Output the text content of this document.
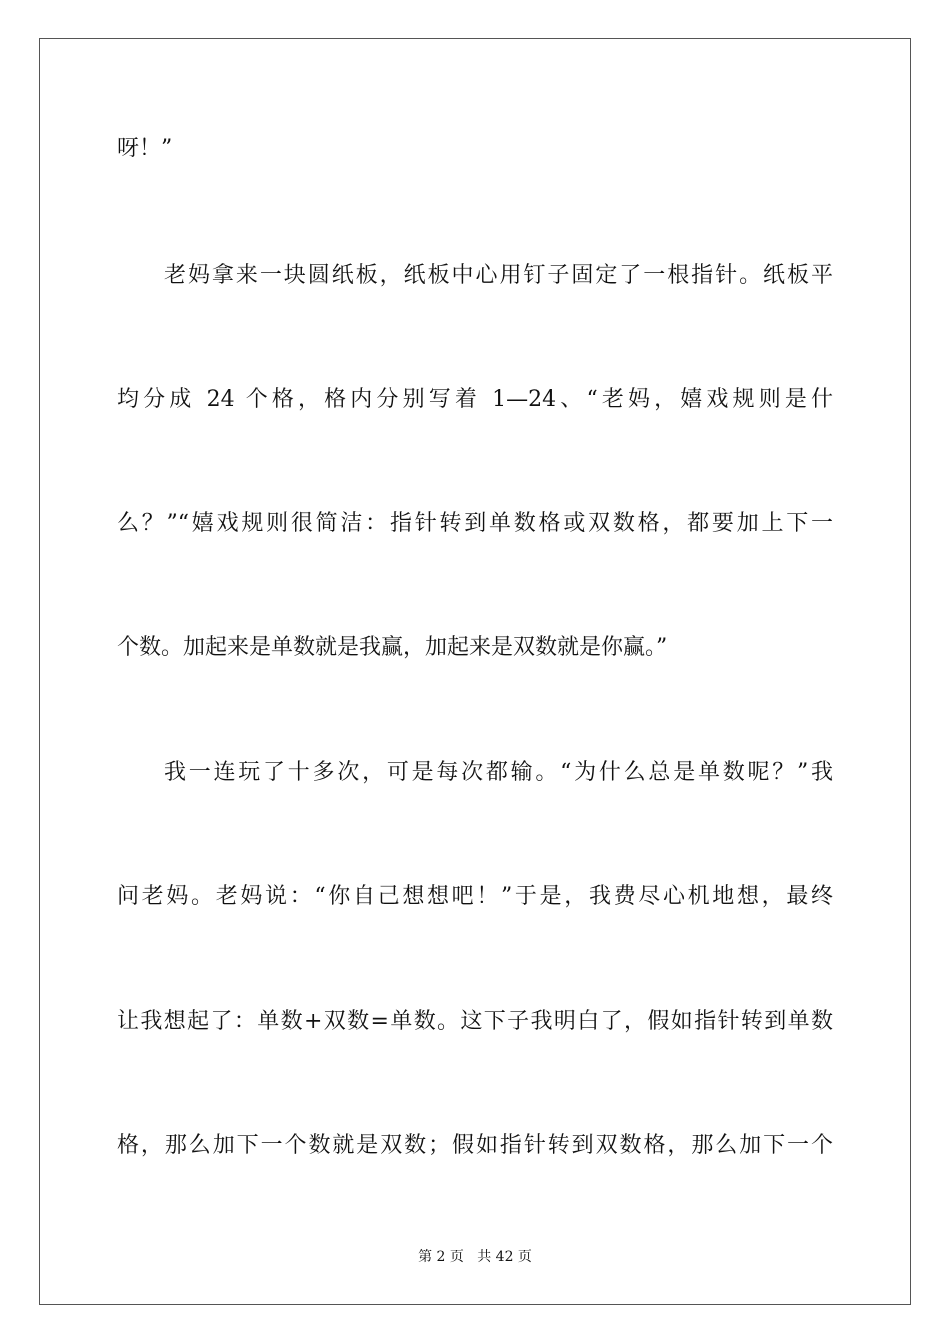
呀！”
老妈拿来一块圆纸板，纸板中心用钉子固定了一根指针。纸板平
均分成 24 个格，格内分别写着 1—24、“老妈，嬉戏规则是什
么？”“嬉戏规则很简洁：指针转到单数格或双数格，都要加上下一
个数。加起来是单数就是我赢，加起来是双数就是你赢。”
我一连玩了十多次，可是每次都输。“为什么总是单数呢？”我
问老妈。老妈说：“你自己想想吧！”于是，我费尽心机地想，最终
让我想起了：单数+双数=单数。这下子我明白了，假如指针转到单数
格，那么加下一个数就是双数；假如指针转到双数格，那么加下一个
第 2 页   共 42 页
